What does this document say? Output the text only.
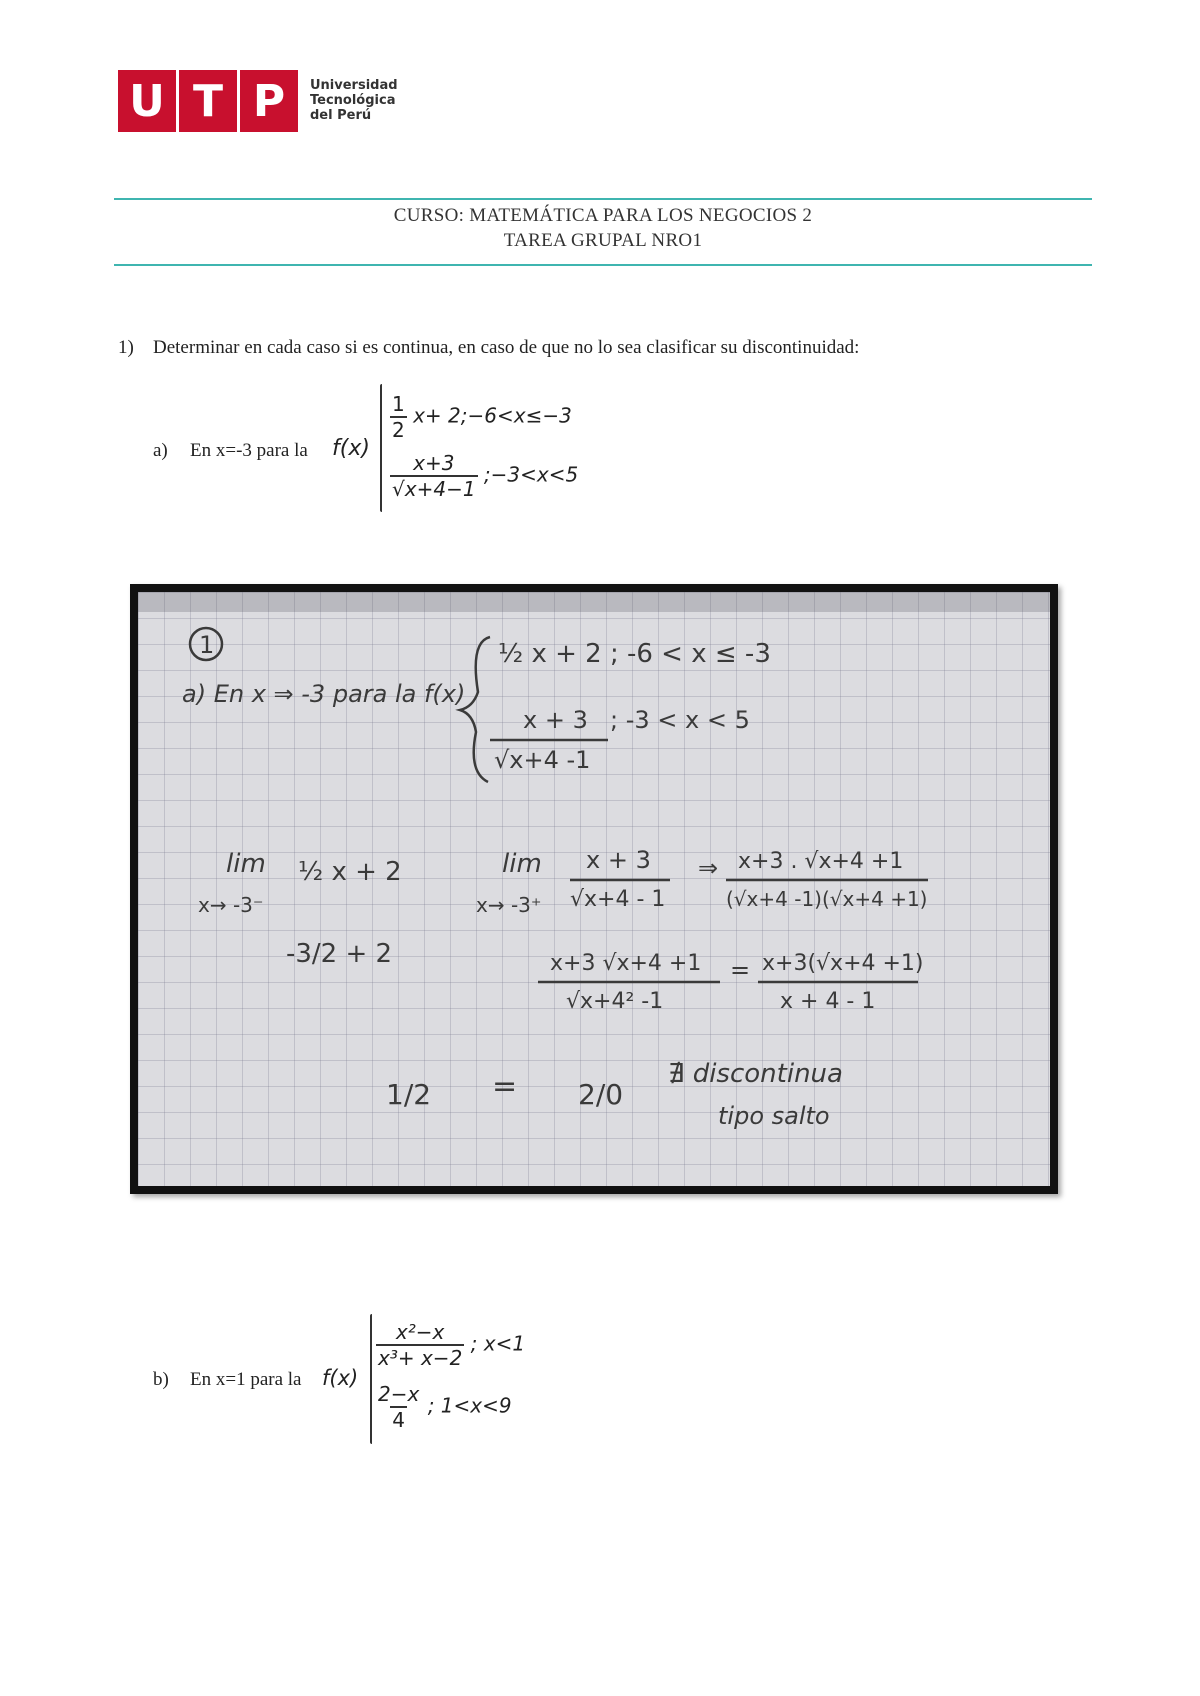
U T P	Universidad
Tecnológica
del Perú
CURSO: MATEMÁTICA PARA LOS NEGOCIOS 2
TAREA GRUPAL NRO1
1) Determinar en cada caso si es continua, en caso de que no lo sea clasificar su discontinuidad:
a) En x=-3 para la f(x)
$\frac{1}{2} x+$ 2;−6<x≤−3
$\frac{x+3}{√x+4-1}$ ;−3<x<5
1
a) En x ⇒ -3 para la f(x)
½ x + 2 ; -6 < x ≤ -3
x + 3
√x+4 -1
; -3 < x < 5
lim
x→ -3⁻
½ x + 2
-3/2 + 2
lim
x→ -3⁺
x + 3
√x+4 - 1
⇒ x+3 . √x+4 +1
(√x+4 -1)(√x+4 +1)
x+3 √x+4 +1
√x+4² -1
= x+3(√x+4 +1)
x + 4 - 1
1/2 = 2/0
∄ discontinua
tipo salto
b) En x=1 para la f(x)
$\frac{\text{x²−x}}{\text{x³+ x−2}}$ ; x<1
$\frac{2-x}{4}$ ; 1<x<9
